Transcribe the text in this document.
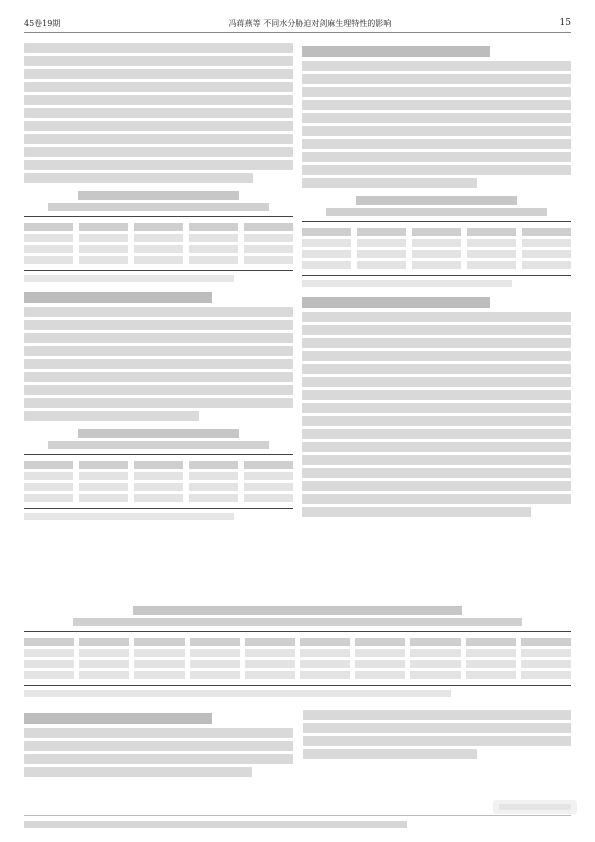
45卷19期	冯蒋燕等 不同水分胁迫对剑麻生理特性的影响	15
